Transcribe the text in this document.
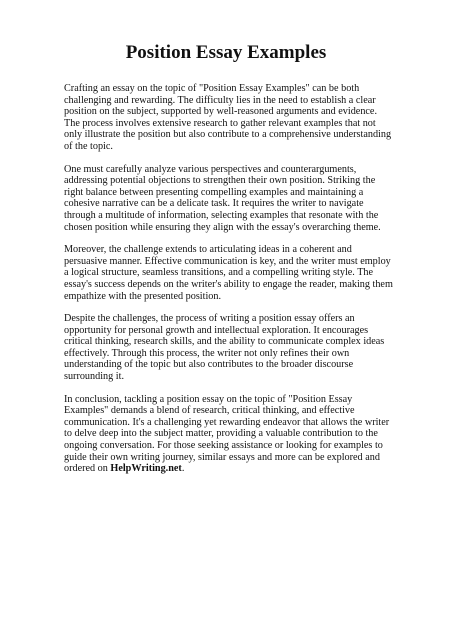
Position Essay Examples

Crafting an essay on the topic of "Position Essay Examples" can be both challenging and rewarding. The difficulty lies in the need to establish a clear position on the subject, supported by well-reasoned arguments and evidence. The process involves extensive research to gather relevant examples that not only illustrate the position but also contribute to a comprehensive understanding of the topic.

One must carefully analyze various perspectives and counterarguments, addressing potential objections to strengthen their own position. Striking the right balance between presenting compelling examples and maintaining a cohesive narrative can be a delicate task. It requires the writer to navigate through a multitude of information, selecting examples that resonate with the chosen position while ensuring they align with the essay's overarching theme.

Moreover, the challenge extends to articulating ideas in a coherent and persuasive manner. Effective communication is key, and the writer must employ a logical structure, seamless transitions, and a compelling writing style. The essay's success depends on the writer's ability to engage the reader, making them empathize with the presented position.

Despite the challenges, the process of writing a position essay offers an opportunity for personal growth and intellectual exploration. It encourages critical thinking, research skills, and the ability to communicate complex ideas effectively. Through this process, the writer not only refines their own understanding of the topic but also contributes to the broader discourse surrounding it.

In conclusion, tackling a position essay on the topic of "Position Essay Examples" demands a blend of research, critical thinking, and effective communication. It's a challenging yet rewarding endeavor that allows the writer to delve deep into the subject matter, providing a valuable contribution to the ongoing conversation. For those seeking assistance or looking for examples to guide their own writing journey, similar essays and more can be explored and ordered on HelpWriting.net.
